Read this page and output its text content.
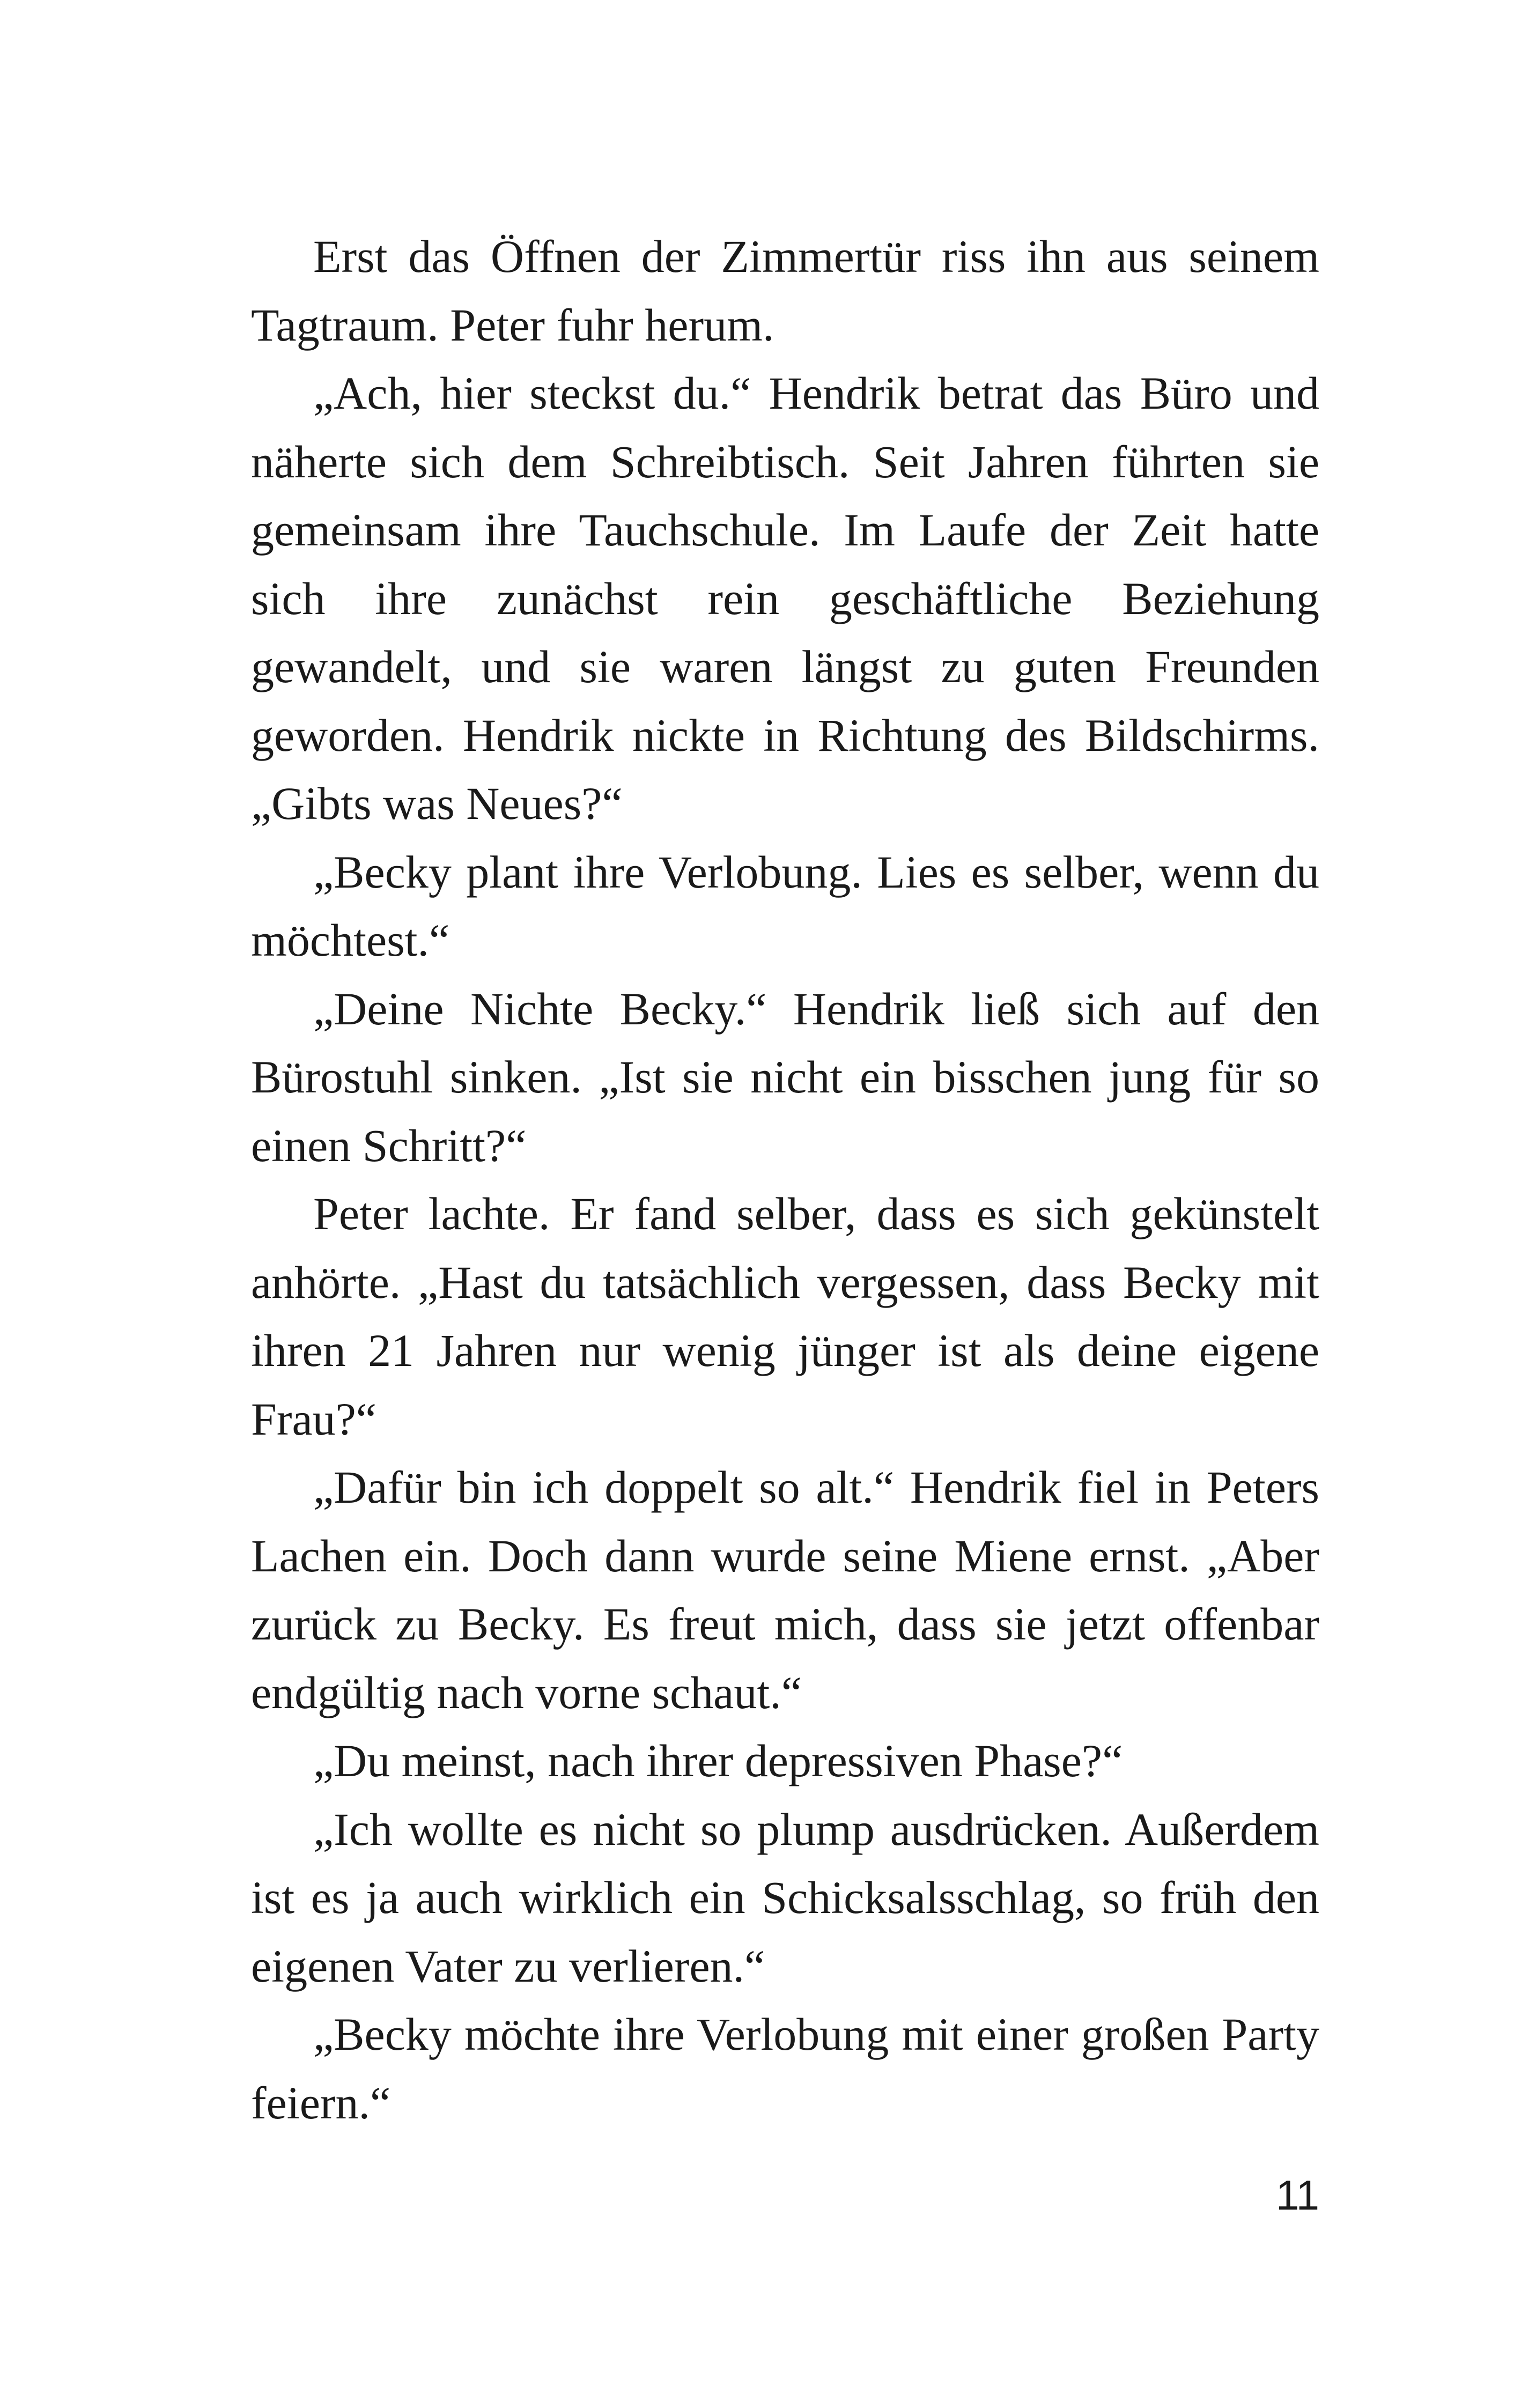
Erst das Öffnen der Zimmertür riss ihn aus seinem Tagtraum. Peter fuhr herum.

„Ach, hier steckst du.“ Hendrik betrat das Büro und näherte sich dem Schreibtisch. Seit Jahren führten sie gemeinsam ihre Tauchschule. Im Laufe der Zeit hatte sich ihre zunächst rein geschäftliche Beziehung gewandelt, und sie waren längst zu guten Freunden geworden. Hendrik nickte in Richtung des Bildschirms. „Gibts was Neues?“

„Becky plant ihre Verlobung. Lies es selber, wenn du möchtest.“

„Deine Nichte Becky.“ Hendrik ließ sich auf den Bürostuhl sinken. „Ist sie nicht ein bisschen jung für so einen Schritt?“

Peter lachte. Er fand selber, dass es sich gekünstelt anhörte. „Hast du tatsächlich vergessen, dass Becky mit ihren 21 Jahren nur wenig jünger ist als deine eigene Frau?“

„Dafür bin ich doppelt so alt.“ Hendrik fiel in Peters Lachen ein. Doch dann wurde seine Miene ernst. „Aber zurück zu Becky. Es freut mich, dass sie jetzt offenbar endgültig nach vorne schaut.“

„Du meinst, nach ihrer depressiven Phase?“

„Ich wollte es nicht so plump ausdrücken. Außerdem ist es ja auch wirklich ein Schicksalsschlag, so früh den eigenen Vater zu verlieren.“

„Becky möchte ihre Verlobung mit einer großen Party feiern.“

11
